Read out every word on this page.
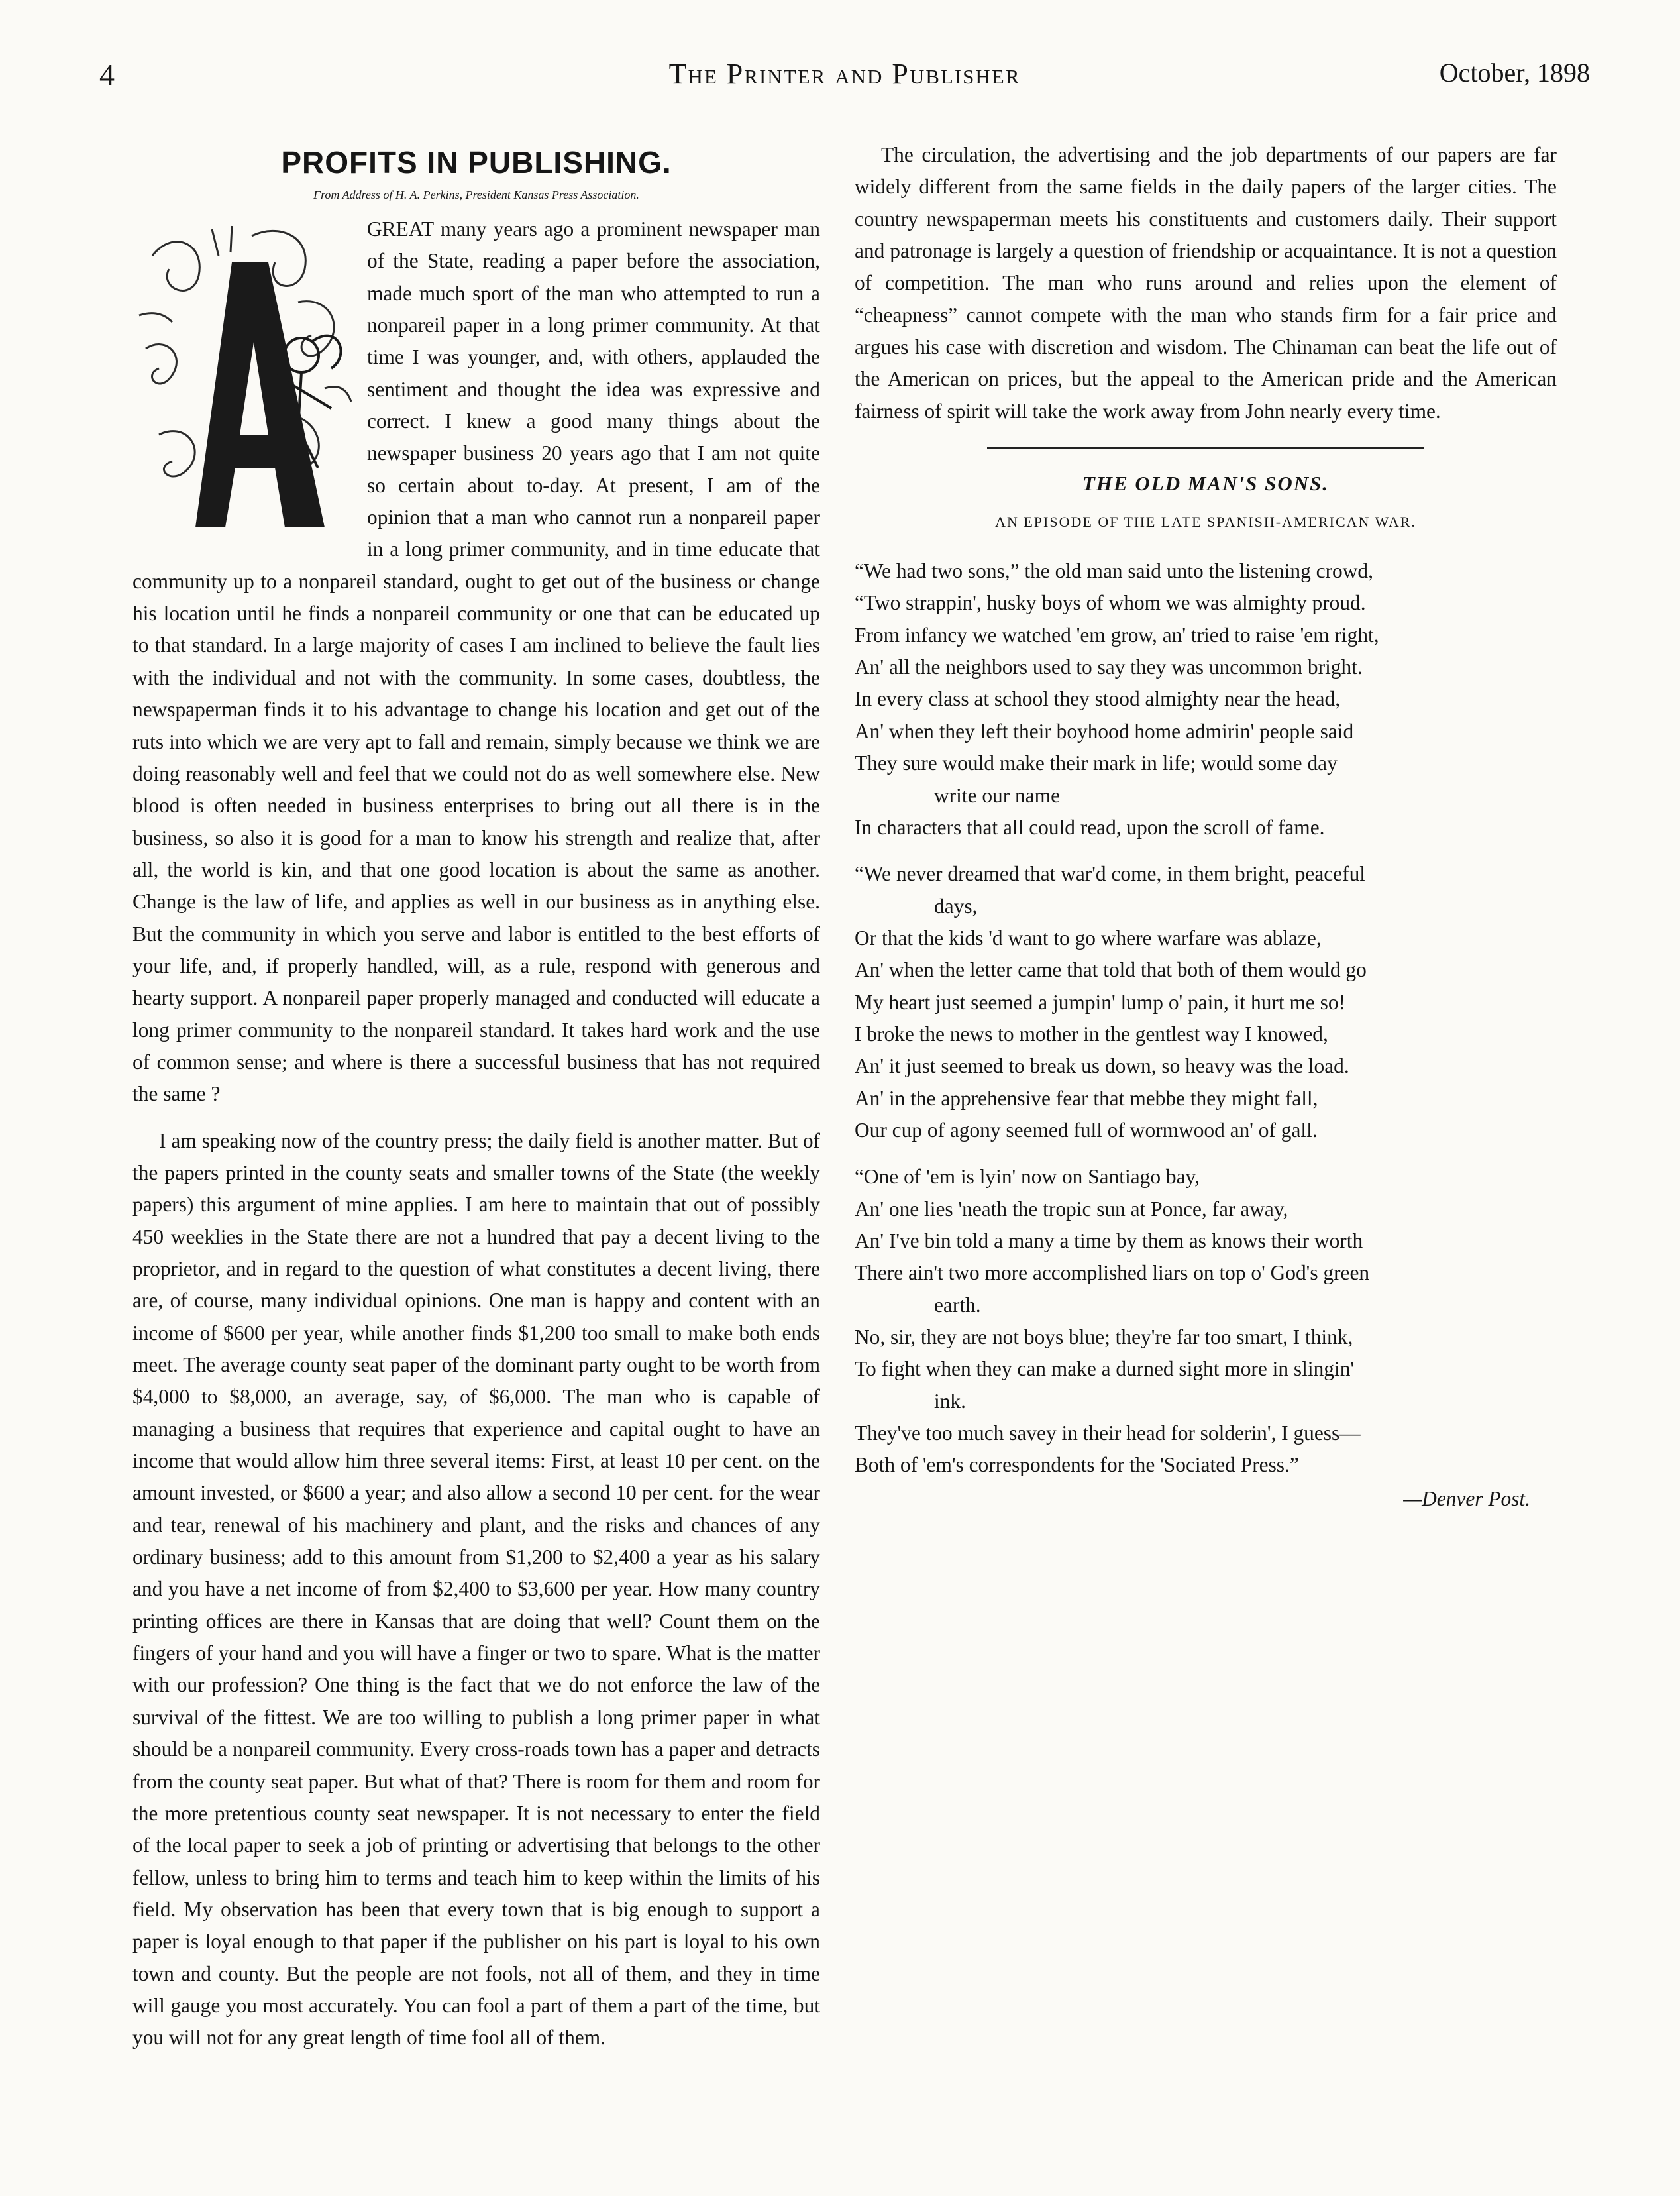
4	The Printer and Publisher	October, 1898
PROFITS IN PUBLISHING.
From Address of H. A. Perkins, President Kansas Press Association.

GREAT many years ago a prominent newspaper man of the State, reading a paper before the association, made much sport of the man who attempted to run a nonpareil paper in a long primer community. At that time I was younger, and, with others, applauded the sentiment and thought the idea was expressive and correct. I knew a good many things about the newspaper business 20 years ago that I am not quite so certain about to-day. At present, I am of the opinion that a man who cannot run a nonpareil paper in a long primer community, and in time educate that community up to a nonpareil standard, ought to get out of the business or change his location until he finds a nonpareil community or one that can be educated up to that standard. In a large majority of cases I am inclined to believe the fault lies with the individual and not with the community. In some cases, doubtless, the newspaperman finds it to his advantage to change his location and get out of the ruts into which we are very apt to fall and remain, simply because we think we are doing reasonably well and feel that we could not do as well somewhere else. New blood is often needed in business enterprises to bring out all there is in the business, so also it is good for a man to know his strength and realize that, after all, the world is kin, and that one good location is about the same as another. Change is the law of life, and applies as well in our business as in anything else. But the community in which you serve and labor is entitled to the best efforts of your life, and, if properly handled, will, as a rule, respond with generous and hearty support. A nonpareil paper properly managed and conducted will educate a long primer community to the nonpareil standard. It takes hard work and the use of common sense; and where is there a successful business that has not required the same ?

I am speaking now of the country press; the daily field is another matter. But of the papers printed in the county seats and smaller towns of the State (the weekly papers) this argument of mine applies. I am here to maintain that out of possibly 450 weeklies in the State there are not a hundred that pay a decent living to the proprietor, and in regard to the question of what constitutes a decent living, there are, of course, many individual opinions. One man is happy and content with an income of $600 per year, while another finds $1,200 too small to make both ends meet. The average county seat paper of the dominant party ought to be worth from $4,000 to $8,000, an average, say, of $6,000. The man who is capable of managing a business that requires that experience and capital ought to have an income that would allow him three several items: First, at least 10 per cent. on the amount invested, or $600 a year; and also allow a second 10 per cent. for the wear and tear, renewal of his machinery and plant, and the risks and chances of any ordinary business; add to this amount from $1,200 to $2,400 a year as his salary and you have a net income of from $2,400 to $3,600 per year. How many country printing offices are there in Kansas that are doing that well? Count them on the fingers of your hand and you will have a finger or two to spare. What is the matter with our profession? One thing is the fact that we do not enforce the law of the survival of the fittest. We are too willing to publish a long primer paper in what should be a nonpareil community. Every cross-roads town has a paper and detracts from the county seat paper. But what of that? There is room for them and room for the more pretentious county seat newspaper. It is not necessary to enter the field of the local paper to seek a job of printing or advertising that belongs to the other fellow, unless to bring him to terms and teach him to keep within the limits of his field. My observation has been that every town that is big enough to support a paper is loyal enough to that paper if the publisher on his part is loyal to his own town and county. But the people are not fools, not all of them, and they in time will gauge you most accurately. You can fool a part of them a part of the time, but you will not for any great length of time fool all of them.

The circulation, the advertising and the job departments of our papers are far widely different from the same fields in the daily papers of the larger cities. The country newspaperman meets his constituents and customers daily. Their support and patronage is largely a question of friendship or acquaintance. It is not a question of competition. The man who runs around and relies upon the element of “cheapness” cannot compete with the man who stands firm for a fair price and argues his case with discretion and wisdom. The Chinaman can beat the life out of the American on prices, but the appeal to the American pride and the American fairness of spirit will take the work away from John nearly every time.

THE OLD MAN'S SONS.
AN EPISODE OF THE LATE SPANISH-AMERICAN WAR.
“We had two sons,” the old man said unto the listening crowd,
“Two strappin', husky boys of whom we was almighty proud.
From infancy we watched 'em grow, an' tried to raise 'em right,
An' all the neighbors used to say they was uncommon bright.
In every class at school they stood almighty near the head,
An' when they left their boyhood home admirin' people said
They sure would make their mark in life; would some day
write our name
In characters that all could read, upon the scroll of fame.
“We never dreamed that war'd come, in them bright, peaceful
days,
Or that the kids 'd want to go where warfare was ablaze,
An' when the letter came that told that both of them would go
My heart just seemed a jumpin' lump o' pain, it hurt me so!
I broke the news to mother in the gentlest way I knowed,
An' it just seemed to break us down, so heavy was the load.
An' in the apprehensive fear that mebbe they might fall,
Our cup of agony seemed full of wormwood an' of gall.
“One of 'em is lyin' now on Santiago bay,
An' one lies 'neath the tropic sun at Ponce, far away,
An' I've bin told a many a time by them as knows their worth
There ain't two more accomplished liars on top o' God's green
earth.
No, sir, they are not boys blue; they're far too smart, I think,
To fight when they can make a durned sight more in slingin'
ink.
They've too much savey in their head for solderin', I guess—
Both of 'em's correspondents for the 'Sociated Press.”
—Denver Post.
